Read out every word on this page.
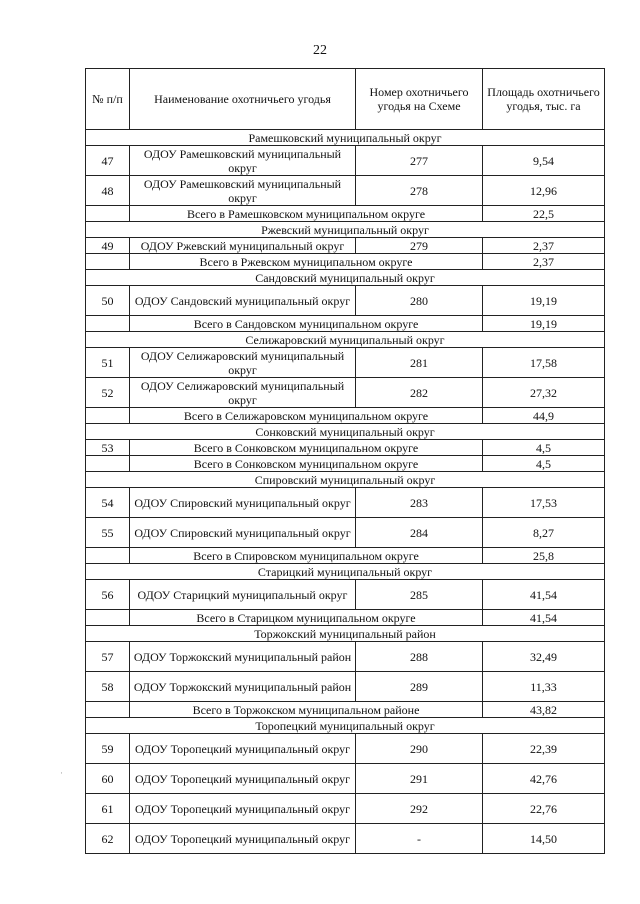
22
№ п/п	Наименование охотничьего угодья	Номер охотничьего угодья на Схеме	Площадь охотничьего угодья, тыс. га
Рамешковский муниципальный округ			
47	ОДОУ Рамешковский муниципальный округ	277	9,54
48	ОДОУ Рамешковский муниципальный округ	278	12,96
	Всего в Рамешковском муниципальном округе		22,5
Ржевский муниципальный округ			
49	ОДОУ Ржевский муниципальный округ	279	2,37
	Всего в Ржевском муниципальном округе		2,37
Сандовский муниципальный округ			
50	ОДОУ Сандовский муниципальный округ	280	19,19
	Всего в Сандовском муниципальном округе		19,19
Селижаровский муниципальный округ			
51	ОДОУ Селижаровский муниципальный округ	281	17,58
52	ОДОУ Селижаровский муниципальный округ	282	27,32
	Всего в Селижаровском муниципальном округе		44,9
Сонковский муниципальный округ			
53	Всего в Сонковском муниципальном округе		4,5
	Всего в Сонковском муниципальном округе		4,5
Спировский муниципальный округ			
54	ОДОУ Спировский муниципальный округ	283	17,53
55	ОДОУ Спировский муниципальный округ	284	8,27
	Всего в Спировском муниципальном округе		25,8
Старицкий муниципальный округ			
56	ОДОУ Старицкий муниципальный округ	285	41,54
	Всего в Старицком муниципальном округе		41,54
Торжокский муниципальный район			
57	ОДОУ Торжокский муниципальный район	288	32,49
58	ОДОУ Торжокский муниципальный район	289	11,33
	Всего в Торжокском муниципальном районе		43,82
Торопецкий муниципальный округ			
59	ОДОУ Торопецкий муниципальный округ	290	22,39
60	ОДОУ Торопецкий муниципальный округ	291	42,76
61	ОДОУ Торопецкий муниципальный округ	292	22,76
62	ОДОУ Торопецкий муниципальный округ	-	14,50
·
